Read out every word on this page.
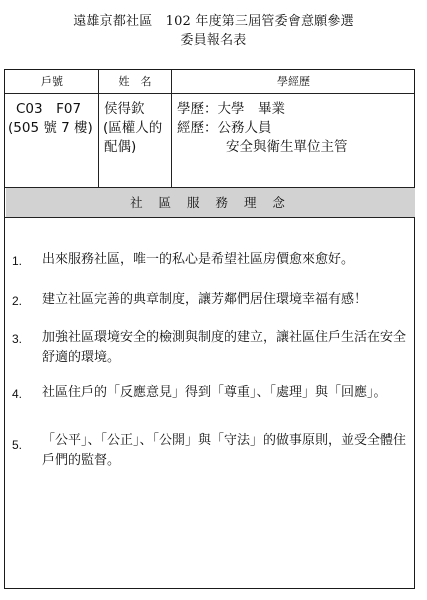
遠雄京都社區　102 年度第三屆管委會意願參選
委員報名表
戶號	姓　名	學經歷
C03　F07
(505 號 7 樓)
侯得欽
(區權人的
配偶)
學歷：大學　畢業
經歷：公務人員
安全與衛生單位主管
社 區 服 務 理 念
1. 出來服務社區，唯一的私心是希望社區房價愈來愈好。
2. 建立社區完善的典章制度，讓芳鄰們居住環境幸福有感！
3. 加強社區環境安全的檢測與制度的建立，讓社區住戶生活在安全舒適的環境。
4. 社區住戶的「反應意見」得到「尊重」、「處理」與「回應」。
5. 「公平」、「公正」、「公開」與「守法」的做事原則，並受全體住戶們的監督。
